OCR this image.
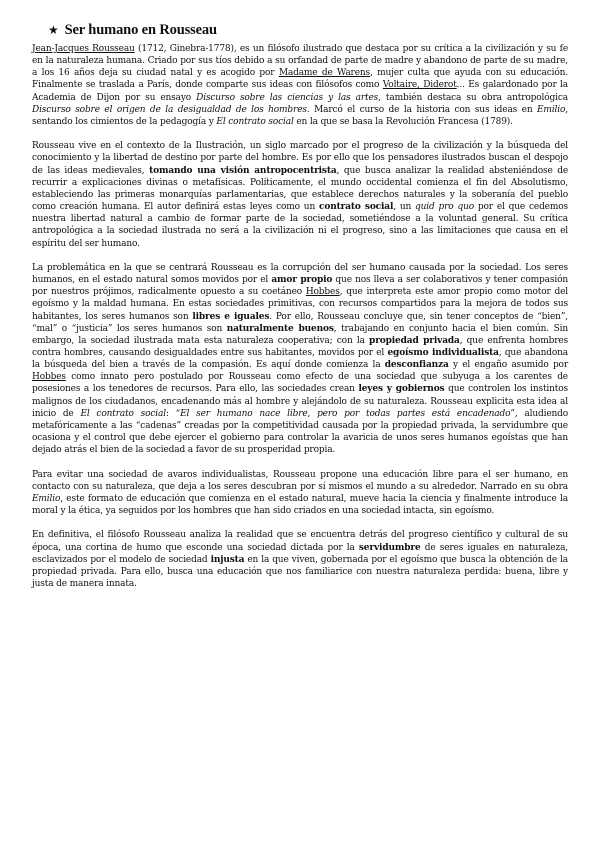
★ Ser humano en Rousseau

Jean-Jacques Rousseau (1712, Ginebra-1778), es un filósofo ilustrado que destaca por su crítica a la civilización y su fe en la naturaleza humana. Criado por sus tíos debido a su orfandad de parte de madre y abandono de parte de su madre, a los 16 años deja su ciudad natal y es acogido por Madame de Warens, mujer culta que ayuda con su educación. Finalmente se traslada a París, donde comparte sus ideas con filósofos como Voltaire, Diderot... Es galardonado por la Academia de Dijon por su ensayo Discurso sobre las ciencias y las artes, también destaca su obra antropológica Discurso sobre el origen de la desigualdad de los hombres. Marcó el curso de la historia con sus ideas en Emilio, sentando los cimientos de la pedagogía y El contrato social en la que se basa la Revolución Francesa (1789).

Rousseau vive en el contexto de la Ilustración, un siglo marcado por el progreso de la civilización y la búsqueda del conocimiento y la libertad de destino por parte del hombre. Es por ello que los pensadores ilustrados buscan el despojo de las ideas medievales, tomando una visión antropocentrista, que busca analizar la realidad absteniéndose de recurrir a explicaciones divinas o metafísicas. Políticamente, el mundo occidental comienza el fin del Absolutismo, estableciendo las primeras monarquías parlamentarias, que establece derechos naturales y la soberanía del pueblo como creación humana. El autor definirá estas leyes como un contrato social, un quid pro quo por el que cedemos nuestra libertad natural a cambio de formar parte de la sociedad, sometiéndose a la voluntad general. Su crítica antropológica a la sociedad ilustrada no será a la civilización ni el progreso, sino a las limitaciones que causa en el espíritu del ser humano.

La problemática en la que se centrará Rousseau es la corrupción del ser humano causada por la sociedad. Los seres humanos, en el estado natural somos movidos por el amor propio que nos lleva a ser colaborativos y tener compasión por nuestros prójimos, radicalmente opuesto a su coetáneo Hobbes, que interpreta este amor propio como motor del egoísmo y la maldad humana. En estas sociedades primitivas, con recursos compartidos para la mejora de todos sus habitantes, los seres humanos son libres e iguales. Por ello, Rousseau concluye que, sin tener conceptos de “bien”, “mal” o “justicia” los seres humanos son naturalmente buenos, trabajando en conjunto hacia el bien común. Sin embargo, la sociedad ilustrada mata esta naturaleza cooperativa; con la propiedad privada, que enfrenta hombres contra hombres, causando desigualdades entre sus habitantes, movidos por el egoísmo individualista, que abandona la búsqueda del bien a través de la compasión. Es aquí donde comienza la desconfianza y el engaño asumido por Hobbes como innato pero postulado por Rousseau como efecto de una sociedad que subyuga a los carentes de posesiones a los tenedores de recursos. Para ello, las sociedades crean leyes y gobiernos que controlen los instintos malignos de los ciudadanos, encadenando más al hombre y alejándolo de su naturaleza. Rousseau explicita esta idea al inicio de El contrato social: “El ser humano nace libre, pero por todas partes está encadenado”, aludiendo metafóricamente a las “cadenas” creadas por la competitividad causada por la propiedad privada, la servidumbre que ocasiona y el control que debe ejercer el gobierno para controlar la avaricia de unos seres humanos egoístas que han dejado atrás el bien de la sociedad a favor de su prosperidad propia.

Para evitar una sociedad de avaros individualistas, Rousseau propone una educación libre para el ser humano, en contacto con su naturaleza, que deja a los seres descubran por sí mismos el mundo a su alrededor. Narrado en su obra Emilio, este formato de educación que comienza en el estado natural, mueve hacia la ciencia y finalmente introduce la moral y la ética, ya seguidos por los hombres que han sido criados en una sociedad intacta, sin egoísmo.

En definitiva, el filósofo Rousseau analiza la realidad que se encuentra detrás del progreso científico y cultural de su época, una cortina de humo que esconde una sociedad dictada por la servidumbre de seres iguales en naturaleza, esclavizados por el modelo de sociedad injusta en la que viven, gobernada por el egoísmo que busca la obtención de la propiedad privada. Para ello, busca una educación que nos familiarice con nuestra naturaleza perdida: buena, libre y justa de manera innata.
